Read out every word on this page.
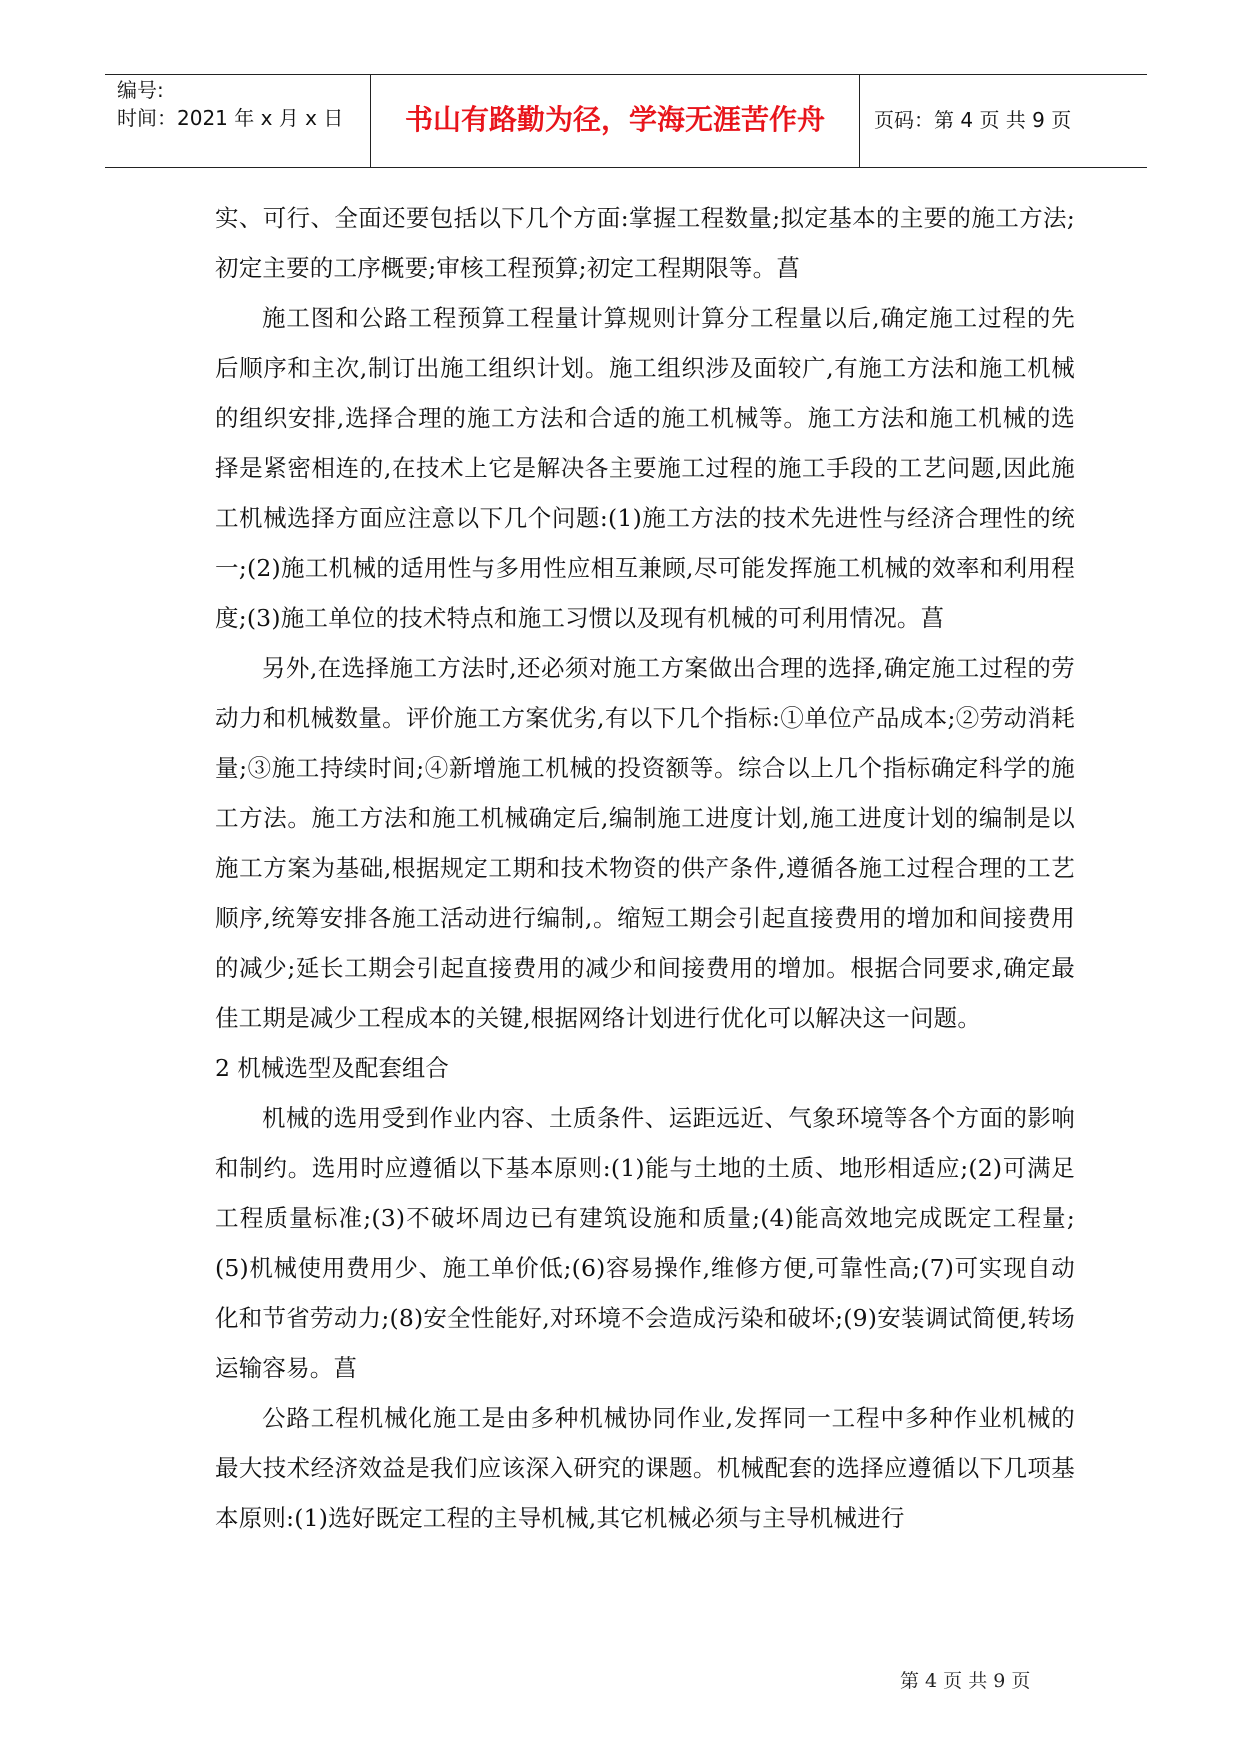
编号:
时间：2021 年 x 月 x 日	书山有路勤为径，学海无涯苦作舟	页码：第 4 页 共 9 页

实、可行、全面还要包括以下几个方面:掌握工程数量;拟定基本的主要的施工方法;初定主要的工序概要;审核工程预算;初定工程期限等。菖

施工图和公路工程预算工程量计算规则计算分工程量以后,确定施工过程的先后顺序和主次,制订出施工组织计划。施工组织涉及面较广,有施工方法和施工机械的组织安排,选择合理的施工方法和合适的施工机械等。施工方法和施工机械的选择是紧密相连的,在技术上它是解决各主要施工过程的施工手段的工艺问题,因此施工机械选择方面应注意以下几个问题:(1)施工方法的技术先进性与经济合理性的统一;(2)施工机械的适用性与多用性应相互兼顾,尽可能发挥施工机械的效率和利用程度;(3)施工单位的技术特点和施工习惯以及现有机械的可利用情况。菖

另外,在选择施工方法时,还必须对施工方案做出合理的选择,确定施工过程的劳动力和机械数量。评价施工方案优劣,有以下几个指标:①单位产品成本;②劳动消耗量;③施工持续时间;④新增施工机械的投资额等。综合以上几个指标确定科学的施工方法。施工方法和施工机械确定后,编制施工进度计划,施工进度计划的编制是以施工方案为基础,根据规定工期和技术物资的供产条件,遵循各施工过程合理的工艺顺序,统筹安排各施工活动进行编制,。缩短工期会引起直接费用的增加和间接费用的减少;延长工期会引起直接费用的减少和间接费用的增加。根据合同要求,确定最佳工期是减少工程成本的关键,根据网络计划进行优化可以解决这一问题。

2 机械选型及配套组合

机械的选用受到作业内容、土质条件、运距远近、气象环境等各个方面的影响和制约。选用时应遵循以下基本原则:(1)能与土地的土质、地形相适应;(2)可满足工程质量标准;(3)不破坏周边已有建筑设施和质量;(4)能高效地完成既定工程量;(5)机械使用费用少、施工单价低;(6)容易操作,维修方便,可靠性高;(7)可实现自动化和节省劳动力;(8)安全性能好,对环境不会造成污染和破坏;(9)安装调试简便,转场运输容易。菖

公路工程机械化施工是由多种机械协同作业,发挥同一工程中多种作业机械的最大技术经济效益是我们应该深入研究的课题。机械配套的选择应遵循以下几项基本原则:(1)选好既定工程的主导机械,其它机械必须与主导机械进行

第 4 页 共 9 页
